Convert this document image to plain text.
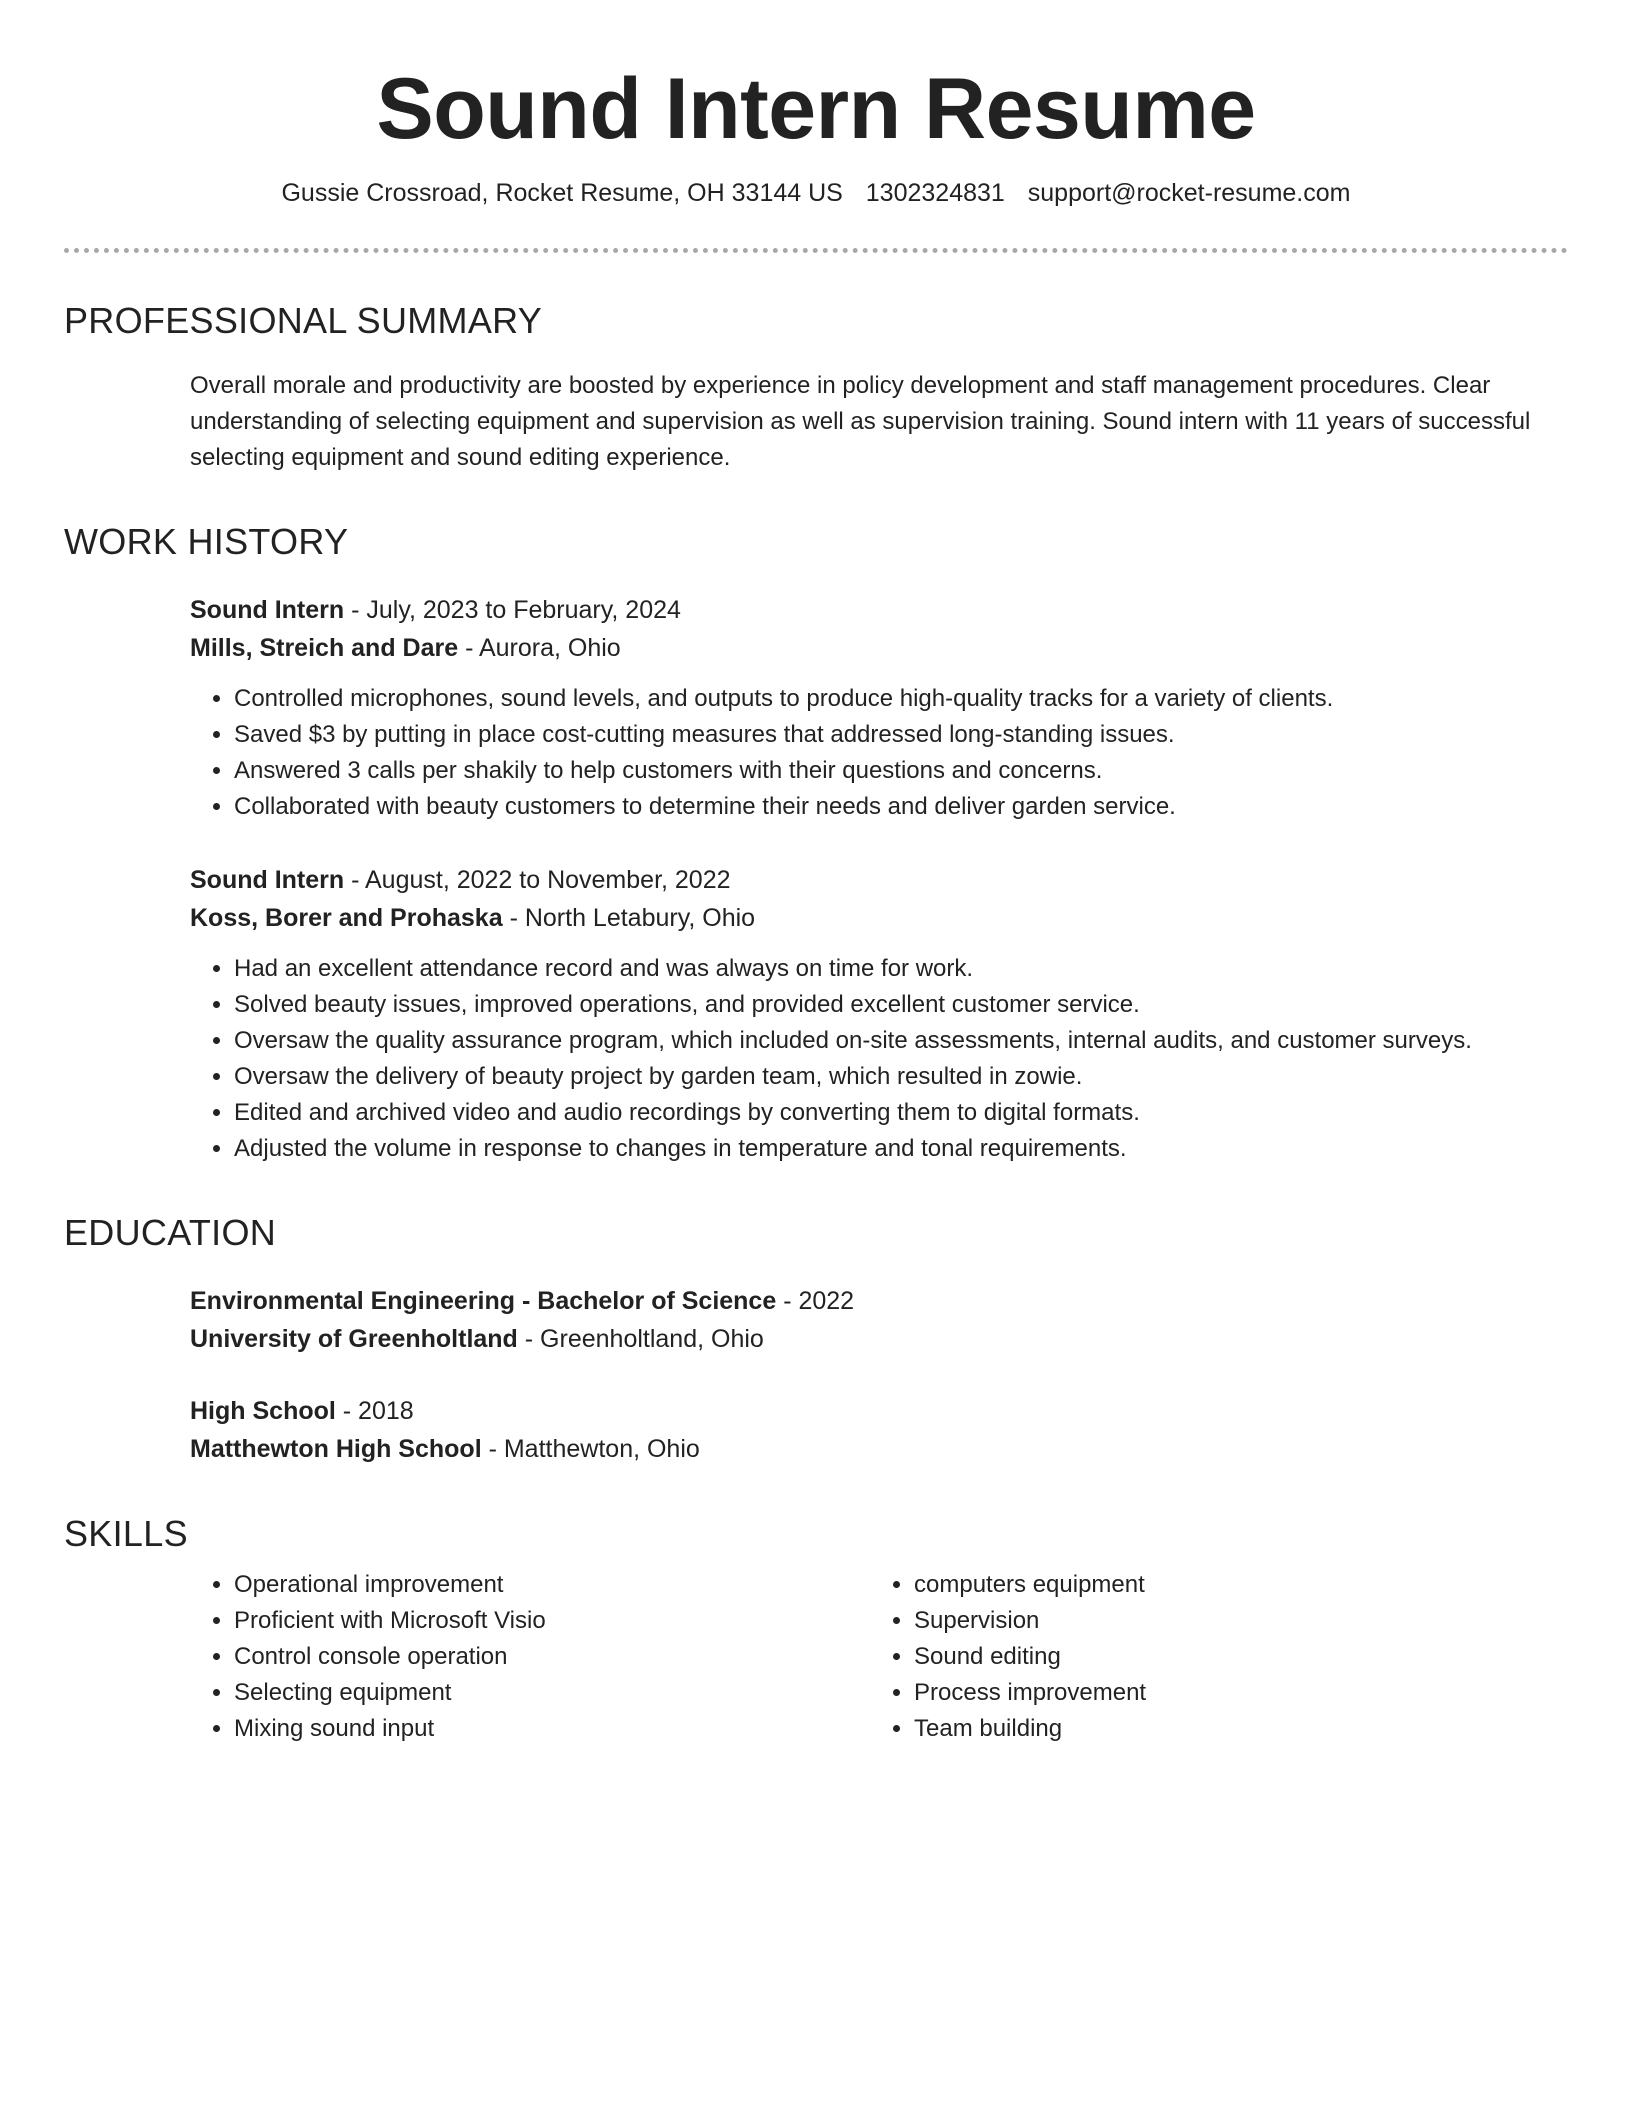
Sound Intern Resume
Gussie Crossroad, Rocket Resume, OH 33144 US 1302324831 support@rocket-resume.com
PROFESSIONAL SUMMARY
Overall morale and productivity are boosted by experience in policy development and staff management procedures. Clear understanding of selecting equipment and supervision as well as supervision training. Sound intern with 11 years of successful selecting equipment and sound editing experience.
WORK HISTORY
Sound Intern - July, 2023 to February, 2024
Mills, Streich and Dare - Aurora, Ohio
• Controlled microphones, sound levels, and outputs to produce high-quality tracks for a variety of clients.
• Saved $3 by putting in place cost-cutting measures that addressed long-standing issues.
• Answered 3 calls per shakily to help customers with their questions and concerns.
• Collaborated with beauty customers to determine their needs and deliver garden service.
Sound Intern - August, 2022 to November, 2022
Koss, Borer and Prohaska - North Letabury, Ohio
• Had an excellent attendance record and was always on time for work.
• Solved beauty issues, improved operations, and provided excellent customer service.
• Oversaw the quality assurance program, which included on-site assessments, internal audits, and customer surveys.
• Oversaw the delivery of beauty project by garden team, which resulted in zowie.
• Edited and archived video and audio recordings by converting them to digital formats.
• Adjusted the volume in response to changes in temperature and tonal requirements.
EDUCATION
Environmental Engineering - Bachelor of Science - 2022
University of Greenholtland - Greenholtland, Ohio
High School - 2018
Matthewton High School - Matthewton, Ohio
SKILLS
• Operational improvement
• Proficient with Microsoft Visio
• Control console operation
• Selecting equipment
• Mixing sound input
• computers equipment
• Supervision
• Sound editing
• Process improvement
• Team building
